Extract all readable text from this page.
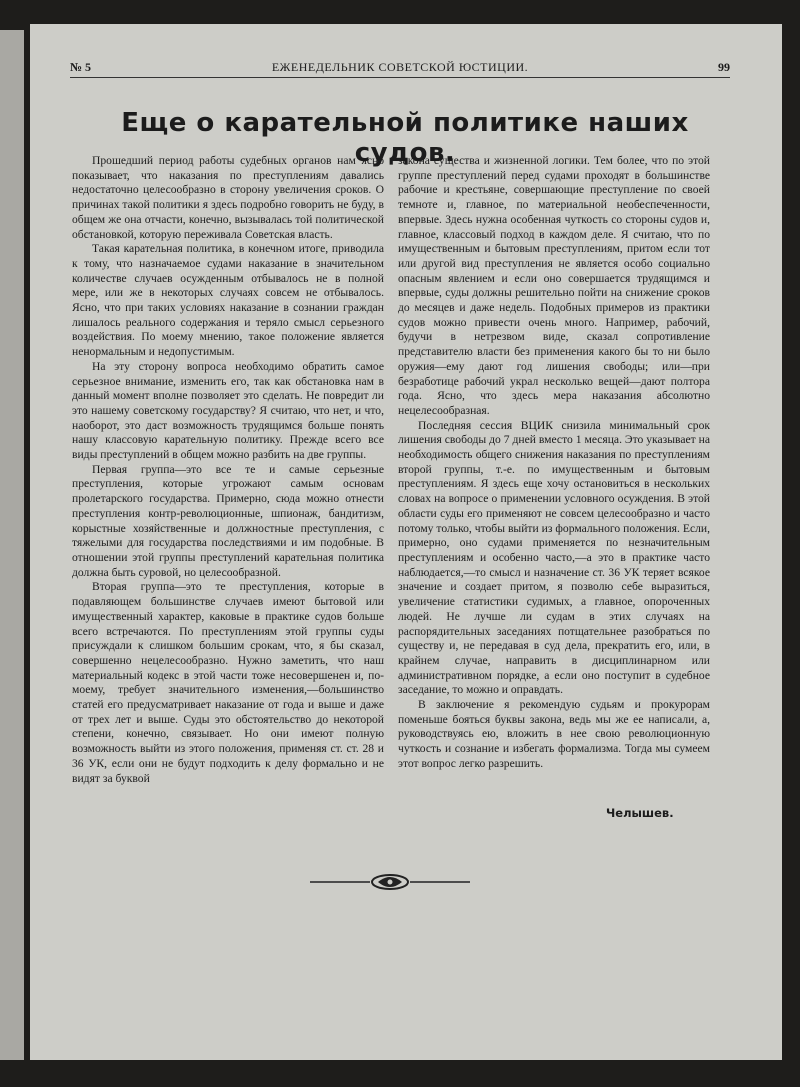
№ 5	ЕЖЕНЕДЕЛЬНИК СОВЕТСКОЙ ЮСТИЦИИ.	99
Еще о карательной политике наших судов.

Прошедший период работы судебных органов нам ясно показывает, что наказания по преступлениям давались недостаточно целесообразно в сторону увеличения сроков. О причинах такой политики я здесь подробно говорить не буду, в общем же она отчасти, конечно, вызывалась той политической обстановкой, которую переживала Советская власть.

Такая карательная политика, в конечном итоге, приводила к тому, что назначаемое судами наказание в значительном количестве случаев осужденным отбывалось не в полной мере, или же в некоторых случаях совсем не отбывалось. Ясно, что при таких условиях наказание в сознании граждан лишалось реального содержания и теряло смысл серьезного воздействия. По моему мнению, такое положение является ненормальным и недопустимым.

На эту сторону вопроса необходимо обратить самое серьезное внимание, изменить его, так как обстановка нам в данный момент вполне позволяет это сделать. Не повредит ли это нашему советскому государству? Я считаю, что нет, и что, наоборот, это даст возможность трудящимся больше понять нашу классовую карательную политику. Прежде всего все виды преступлений в общем можно разбить на две группы.

Первая группа—это все те и самые серьезные преступления, которые угрожают самым основам пролетарского государства. Примерно, сюда можно отнести преступления контр-революционные, шпионаж, бандитизм, корыстные хозяйственные и должностные преступления, с тяжелыми для государства последствиями и им подобные. В отношении этой группы преступлений карательная политика должна быть суровой, но целесообразной.

Вторая группа—это те преступления, которые в подавляющем большинстве случаев имеют бытовой или имущественный характер, каковые в практике судов больше всего встречаются. По преступлениям этой группы суды присуждали к слишком большим срокам, что, я бы сказал, совершенно нецелесообразно. Нужно заметить, что наш материальный кодекс в этой части тоже несовершенен и, по-моему, требует значительного изменения,—большинство статей его предусматривает наказание от года и выше и даже от трех лет и выше. Суды это обстоятельство до некоторой степени, конечно, связывает. Но они имеют полную возможность выйти из этого положения, применяя ст. ст. 28 и 36 УК, если они не будут подходить к делу формально и не видят за буквой

закона существа и жизненной логики. Тем более, что по этой группе преступлений перед судами проходят в большинстве рабочие и крестьяне, совершающие преступление по своей темноте и, главное, по материальной необеспеченности, впервые. Здесь нужна особенная чуткость со стороны судов и, главное, классовый подход в каждом деле. Я считаю, что по имущественным и бытовым преступлениям, притом если тот или другой вид преступления не является особо социально опасным явлением и если оно совершается трудящимся и впервые, суды должны решительно пойти на снижение сроков до месяцев и даже недель. Подобных примеров из практики судов можно привести очень много. Например, рабочий, будучи в нетрезвом виде, сказал сопротивление представителю власти без применения какого бы то ни было оружия—ему дают год лишения свободы; или—при безработице рабочий украл несколько вещей—дают полтора года. Ясно, что здесь мера наказания абсолютно нецелесообразная.

Последняя сессия ВЦИК снизила минимальный срок лишения свободы до 7 дней вместо 1 месяца. Это указывает на необходимость общего снижения наказания по преступлениям второй группы, т.-е. по имущественным и бытовым преступлениям. Я здесь еще хочу остановиться в нескольких словах на вопросе о применении условного осуждения. В этой области суды его применяют не совсем целесообразно и часто потому только, чтобы выйти из формального положения. Если, примерно, оно судами применяется по незначительным преступлениям и особенно часто,—а это в практике часто наблюдается,—то смысл и назначение ст. 36 УК теряет всякое значение и создает притом, я позволю себе выразиться, увеличение статистики судимых, а главное, опороченных людей. Не лучше ли судам в этих случаях на распорядительных заседаниях потщательнее разобраться по существу и, не передавая в суд дела, прекратить его, или, в крайнем случае, направить в дисциплинарном или административном порядке, а если оно поступит в судебное заседание, то можно и оправдать.

В заключение я рекомендую судьям и прокурорам поменьше бояться буквы закона, ведь мы же ее написали, а, руководствуясь ею, вложить в нее свою революционную чуткость и сознание и избегать формализма. Тогда мы сумеем этот вопрос легко разрешить.

Челышев.
